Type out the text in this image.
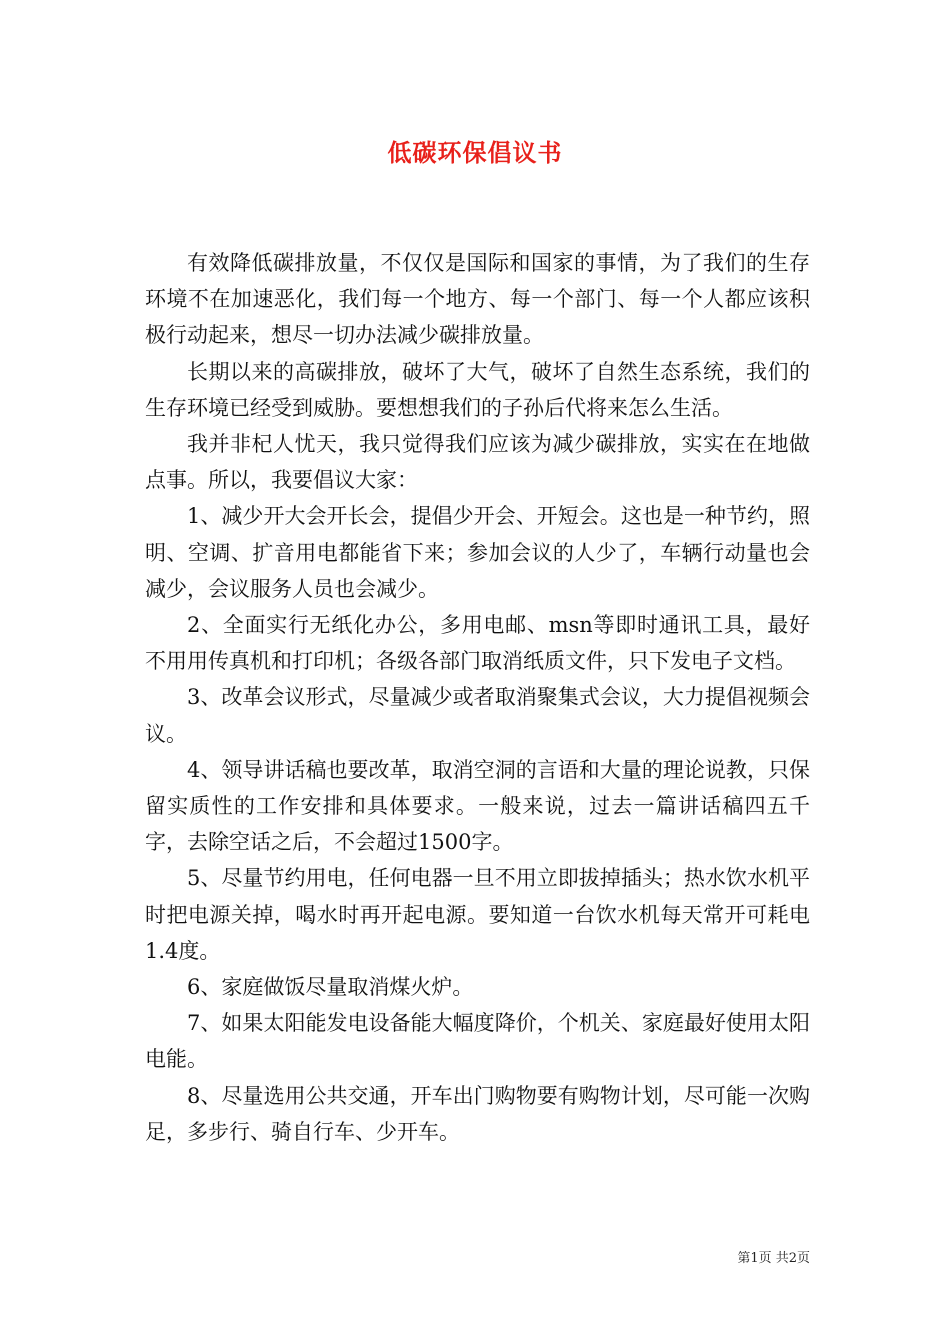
低碳环保倡议书

有效降低碳排放量，不仅仅是国际和国家的事情，为了我们的生存环境不在加速恶化，我们每一个地方、每一个部门、每一个人都应该积极行动起来，想尽一切办法减少碳排放量。

长期以来的高碳排放，破坏了大气，破坏了自然生态系统，我们的生存环境已经受到威胁。要想想我们的子孙后代将来怎么生活。

我并非杞人忧天，我只觉得我们应该为减少碳排放，实实在在地做点事。所以，我要倡议大家：

1、减少开大会开长会，提倡少开会、开短会。这也是一种节约，照明、空调、扩音用电都能省下来；参加会议的人少了，车辆行动量也会减少，会议服务人员也会减少。

2、全面实行无纸化办公，多用电邮、msn等即时通讯工具，最好不用用传真机和打印机；各级各部门取消纸质文件，只下发电子文档。

3、改革会议形式，尽量减少或者取消聚集式会议，大力提倡视频会议。

4、领导讲话稿也要改革，取消空洞的言语和大量的理论说教，只保留实质性的工作安排和具体要求。一般来说，过去一篇讲话稿四五千字，去除空话之后，不会超过1500字。

5、尽量节约用电，任何电器一旦不用立即拔掉插头；热水饮水机平时把电源关掉，喝水时再开起电源。要知道一台饮水机每天常开可耗电1.4度。

6、家庭做饭尽量取消煤火炉。

7、如果太阳能发电设备能大幅度降价，个机关、家庭最好使用太阳电能。

8、尽量选用公共交通，开车出门购物要有购物计划，尽可能一次购足，多步行、骑自行车、少开车。

第1页 共2页
